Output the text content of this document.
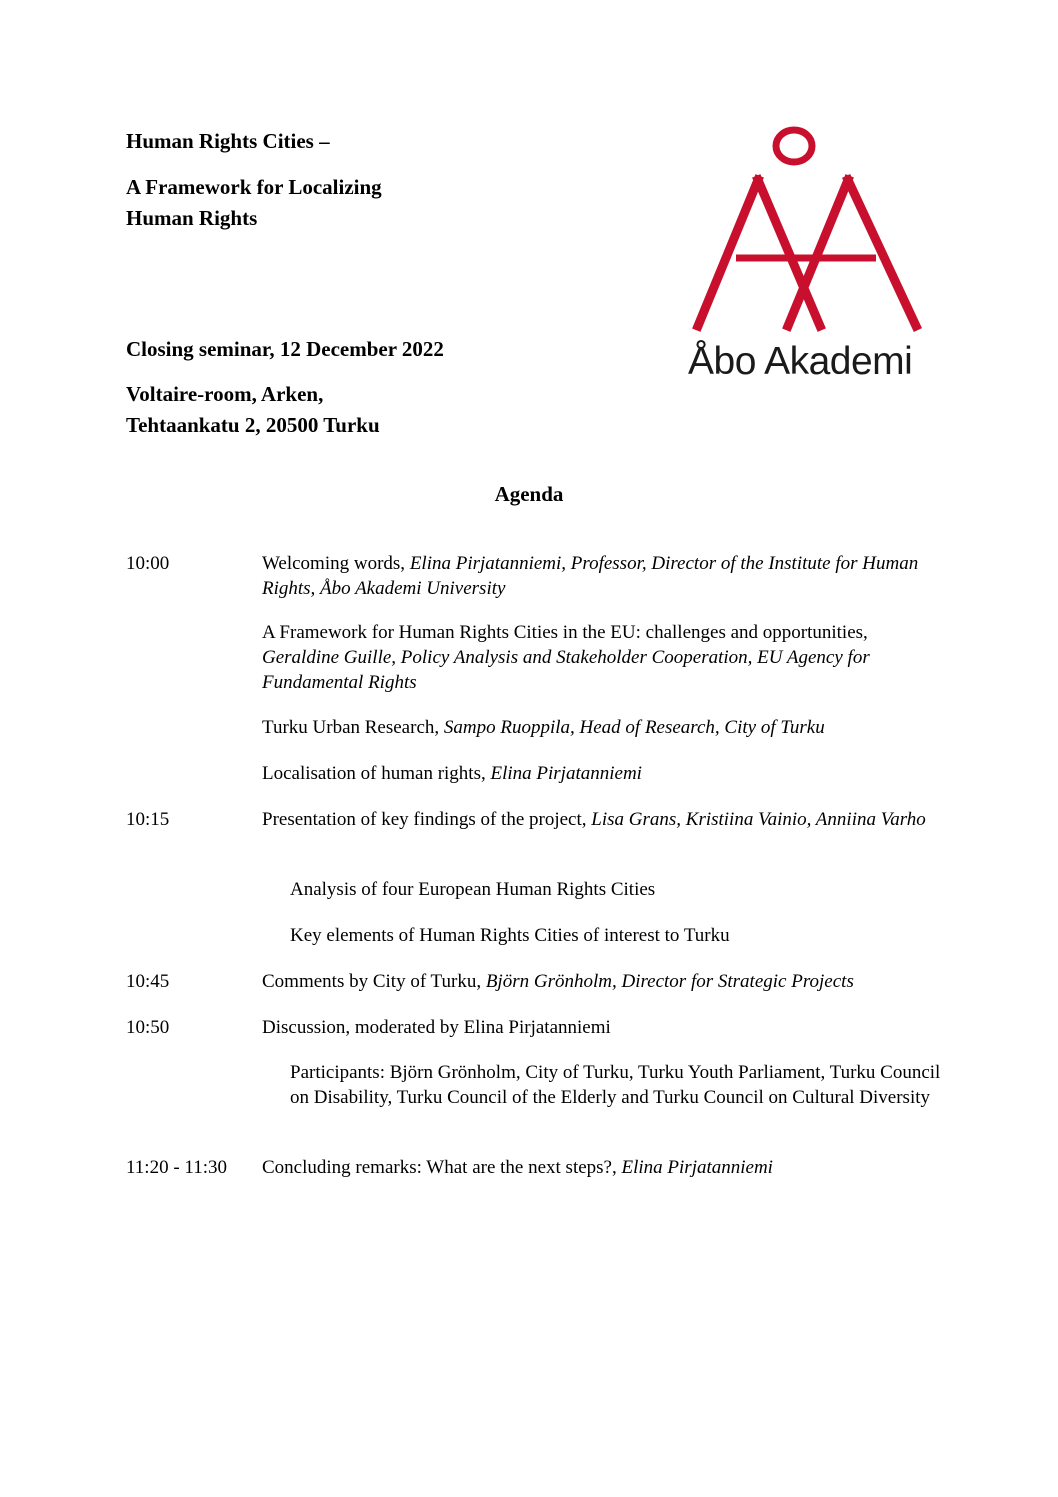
Human Rights Cities –
A Framework for Localizing
Human Rights
Closing seminar, 12 December 2022
Voltaire-room, Arken,
Tehtaankatu 2, 20500 Turku
Åbo Akademi
Agenda
10:00	Welcoming words, Elina Pirjatanniemi, Professor, Director of the Institute for Human Rights, Åbo Akademi University
A Framework for Human Rights Cities in the EU: challenges and opportunities, Geraldine Guille, Policy Analysis and Stakeholder Cooperation, EU Agency for Fundamental Rights
Turku Urban Research, Sampo Ruoppila, Head of Research, City of Turku
Localisation of human rights, Elina Pirjatanniemi
10:15	Presentation of key findings of the project, Lisa Grans, Kristiina Vainio, Anniina Varho
Analysis of four European Human Rights Cities
Key elements of Human Rights Cities of interest to Turku
10:45	Comments by City of Turku, Björn Grönholm, Director for Strategic Projects
10:50	Discussion, moderated by Elina Pirjatanniemi
Participants: Björn Grönholm, City of Turku, Turku Youth Parliament, Turku Council on Disability, Turku Council of the Elderly and Turku Council on Cultural Diversity
11:20 - 11:30 Concluding remarks: What are the next steps?, Elina Pirjatanniemi
